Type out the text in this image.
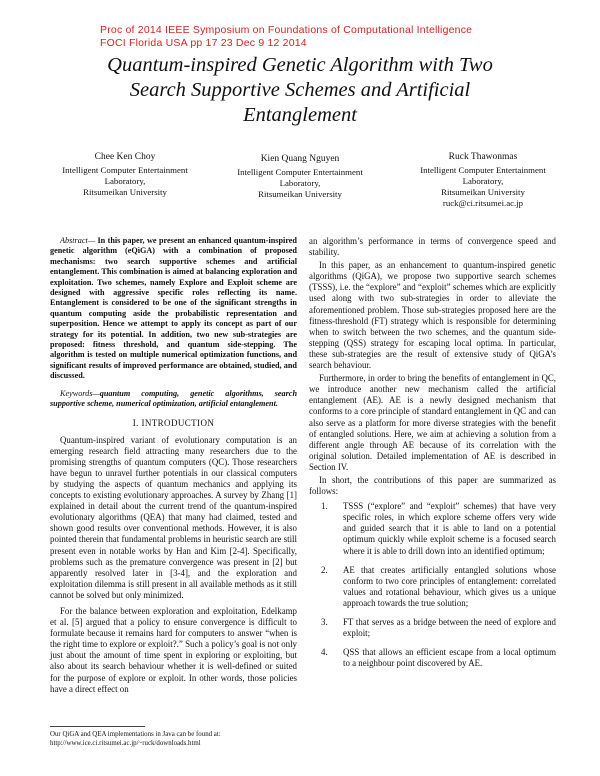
Proc of 2014 IEEE Symposium on Foundations of Computational Intelligence
FOCI Florida USA pp 17 23 Dec 9 12 2014
Quantum-inspired Genetic Algorithm with Two
Search Supportive Schemes and Artificial
Entanglement
Chee Ken Choy
Intelligent Computer Entertainment
Laboratory,
Ritsumeikan University
Kien Quang Nguyen
Intelligent Computer Entertainment
Laboratory,
Ritsumeikan University
Ruck Thawonmas
Intelligent Computer Entertainment
Laboratory,
Ritsumeikan University
ruck@ci.ritsumei.ac.jp

Abstract— In this paper, we present an enhanced quantum-inspired genetic algorithm (eQiGA) with a combination of proposed mechanisms: two search supportive schemes and artificial entanglement. This combination is aimed at balancing exploration and exploitation. Two schemes, namely Explore and Exploit scheme are designed with aggressive specific roles reflecting its name. Entanglement is considered to be one of the significant strengths in quantum computing aside the probabilistic representation and superposition. Hence we attempt to apply its concept as part of our strategy for its potential. In addition, two new sub-strategies are proposed: fitness threshold, and quantum side-stepping. The algorithm is tested on multiple numerical optimization functions, and significant results of improved performance are obtained, studied, and discussed.

Keywords—quantum computing, genetic algorithms, search supportive scheme, numerical optimization, artificial entanglement.

I. INTRODUCTION

Quantum-inspired variant of evolutionary computation is an emerging research field attracting many researchers due to the promising strengths of quantum computers (QC). Those researchers have begun to unravel further potentials in our classical computers by studying the aspects of quantum mechanics and applying its concepts to existing evolutionary approaches. A survey by Zhang [1] explained in detail about the current trend of the quantum-inspired evolutionary algorithms (QEA) that many had claimed, tested and shown good results over conventional methods. However, it is also pointed therein that fundamental problems in heuristic search are still present even in notable works by Han and Kim [2-4]. Specifically, problems such as the premature convergence was present in [2] but apparently resolved later in [3-4], and the exploration and exploitation dilemma is still present in all available methods as it still cannot be solved but only minimized.

For the balance between exploration and exploitation, Edelkamp et al. [5] argued that a policy to ensure convergence is difficult to formulate because it remains hard for computers to answer “when is the right time to explore or exploit?.” Such a policy’s goal is not only just about the amount of time spent in exploring or exploiting, but also about its search behaviour whether it is well-defined or suited for the purpose of explore or exploit. In other words, those policies have a direct effect on

an algorithm’s performance in terms of convergence speed and stability.

In this paper, as an enhancement to quantum-inspired genetic algorithms (QiGA), we propose two supportive search schemes (TSSS), i.e. the “explore” and “exploit” schemes which are explicitly used along with two sub-strategies in order to alleviate the aforementioned problem. Those sub-strategies proposed here are the fitness-threshold (FT) strategy which is responsible for determining when to switch between the two schemes, and the quantum side-stepping (QSS) strategy for escaping local optima. In particular, these sub-strategies are the result of extensive study of QiGA’s search behaviour.

Furthermore, in order to bring the benefits of entanglement in QC, we introduce another new mechanism called the artificial entanglement (AE). AE is a newly designed mechanism that conforms to a core principle of standard entanglement in QC and can also serve as a platform for more diverse strategies with the benefit of entangled solutions. Here, we aim at achieving a solution from a different angle through AE because of its correlation with the original solution. Detailed implementation of AE is described in Section IV.

In short, the contributions of this paper are summarized as follows:

1. TSSS (“explore” and “exploit” schemes) that have very specific roles, in which explore scheme offers very wide and guided search that it is able to land on a potential optimum quickly while exploit scheme is a focused search where it is able to drill down into an identified optimum;
2. AE that creates artificially entangled solutions whose conform to two core principles of entanglement: correlated values and rotational behaviour, which gives us a unique approach towards the true solution;
3. FT that serves as a bridge between the need of explore and exploit;
4. QSS that allows an efficient escape from a local optimum to a neighbour point discovered by AE.
Our QiGA and QEA implementations in Java can be found at:
http://www.ice.ci.ritsumei.ac.jp/~ruck/downloads.html
